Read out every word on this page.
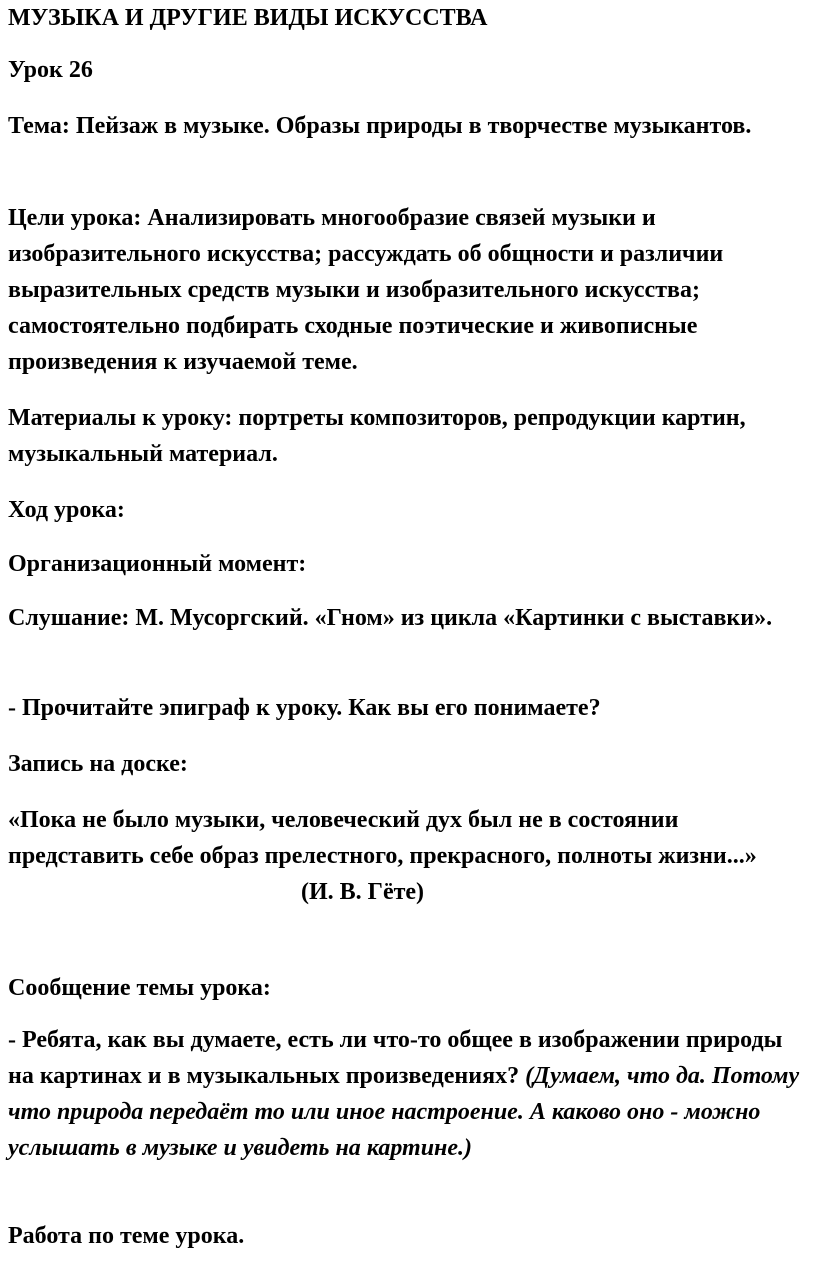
МУЗЫКА И ДРУГИЕ ВИДЫ ИСКУССТВА

Урок 26

Тема: Пейзаж в музыке. Образы природы в творчестве музыкантов.

Цели урока: Анализировать многообразие связей музыки и изобразительного искусства; рассуждать об общности и различии выразительных средств музыки и изобразительного искусства; самостоятельно подбирать сходные поэтические и живописные произведения к изучаемой теме.

Материалы к уроку: портреты композиторов, репродукции картин, музыкальный материал.

Ход урока:

Организационный момент:

Слушание: М. Мусоргский. «Гном» из цикла «Картинки с выставки».

- Прочитайте эпиграф к уроку. Как вы его понимаете?

Запись на доске:

«Пока не было музыки, человеческий дух был не в состоянии представить себе образ прелестного, прекрасного, полноты жизни...»
(И. В. Гёте)

Сообщение темы урока:

- Ребята, как вы думаете, есть ли что-то общее в изображении природы на картинах и в музыкальных произведениях? (Думаем, что да. Потому что природа передаёт то или иное настроение. А каково оно - можно услышать в музыке и увидеть на картине.)

Работа по теме урока.
